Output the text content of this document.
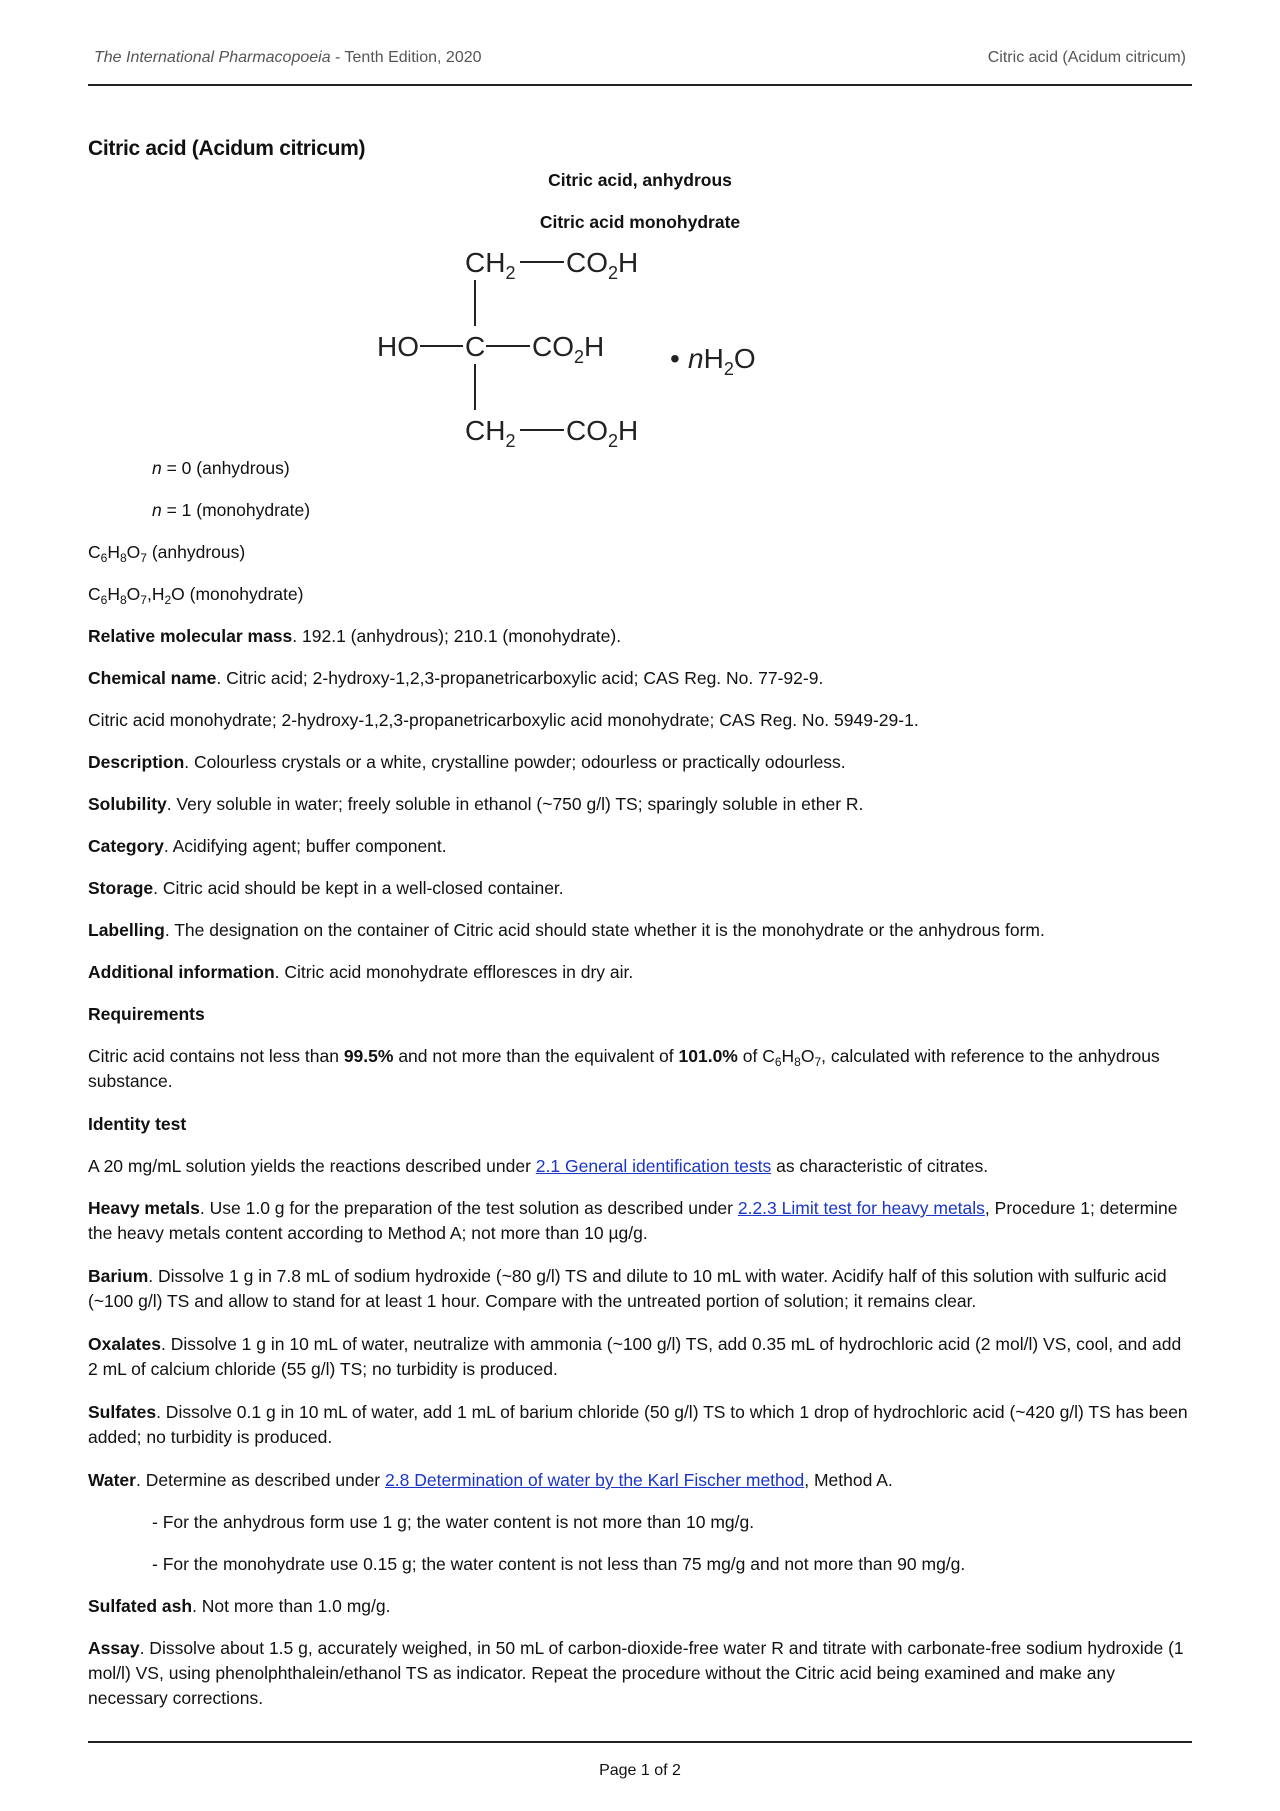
The International Pharmacopoeia - Tenth Edition, 2020	Citric acid (Acidum citricum)
Citric acid (Acidum citricum)
Citric acid, anhydrous
Citric acid monohydrate
$CH_2$ $CO_2H$
HO C $CO_2H$ • $nH_2O$
$CH_2$ $CO_2H$
n = 0 (anhydrous)
n = 1 (monohydrate)
$C_6H_8O_7$ (anhydrous)
$C_6H_8O_7,H_2O$ (monohydrate)
Relative molecular mass. 192.1 (anhydrous); 210.1 (monohydrate).
Chemical name. Citric acid; 2-hydroxy-1,2,3-propanetricarboxylic acid; CAS Reg. No. 77-92-9.
Citric acid monohydrate; 2-hydroxy-1,2,3-propanetricarboxylic acid monohydrate; CAS Reg. No. 5949-29-1.
Description. Colourless crystals or a white, crystalline powder; odourless or practically odourless.
Solubility. Very soluble in water; freely soluble in ethanol (~750 g/l) TS; sparingly soluble in ether R.
Category. Acidifying agent; buffer component.
Storage. Citric acid should be kept in a well-closed container.
Labelling. The designation on the container of Citric acid should state whether it is the monohydrate or the anhydrous form.
Additional information. Citric acid monohydrate effloresces in dry air.
Requirements
Citric acid contains not less than 99.5% and not more than the equivalent of 101.0% of $C_6H_8O_7$, calculated with reference to the anhydrous substance.
Identity test
A 20 mg/mL solution yields the reactions described under 2.1 General identification tests as characteristic of citrates.
Heavy metals. Use 1.0 g for the preparation of the test solution as described under 2.2.3 Limit test for heavy metals, Procedure 1; determine the heavy metals content according to Method A; not more than 10 µg/g.
Barium. Dissolve 1 g in 7.8 mL of sodium hydroxide (~80 g/l) TS and dilute to 10 mL with water. Acidify half of this solution with sulfuric acid (~100 g/l) TS and allow to stand for at least 1 hour. Compare with the untreated portion of solution; it remains clear.
Oxalates. Dissolve 1 g in 10 mL of water, neutralize with ammonia (~100 g/l) TS, add 0.35 mL of hydrochloric acid (2 mol/l) VS, cool, and add 2 mL of calcium chloride (55 g/l) TS; no turbidity is produced.
Sulfates. Dissolve 0.1 g in 10 mL of water, add 1 mL of barium chloride (50 g/l) TS to which 1 drop of hydrochloric acid (~420 g/l) TS has been added; no turbidity is produced.
Water. Determine as described under 2.8 Determination of water by the Karl Fischer method, Method A.
- For the anhydrous form use 1 g; the water content is not more than 10 mg/g.
- For the monohydrate use 0.15 g; the water content is not less than 75 mg/g and not more than 90 mg/g.
Sulfated ash. Not more than 1.0 mg/g.
Assay. Dissolve about 1.5 g, accurately weighed, in 50 mL of carbon-dioxide-free water R and titrate with carbonate-free sodium hydroxide (1 mol/l) VS, using phenolphthalein/ethanol TS as indicator. Repeat the procedure without the Citric acid being examined and make any necessary corrections.
Page 1 of 2
